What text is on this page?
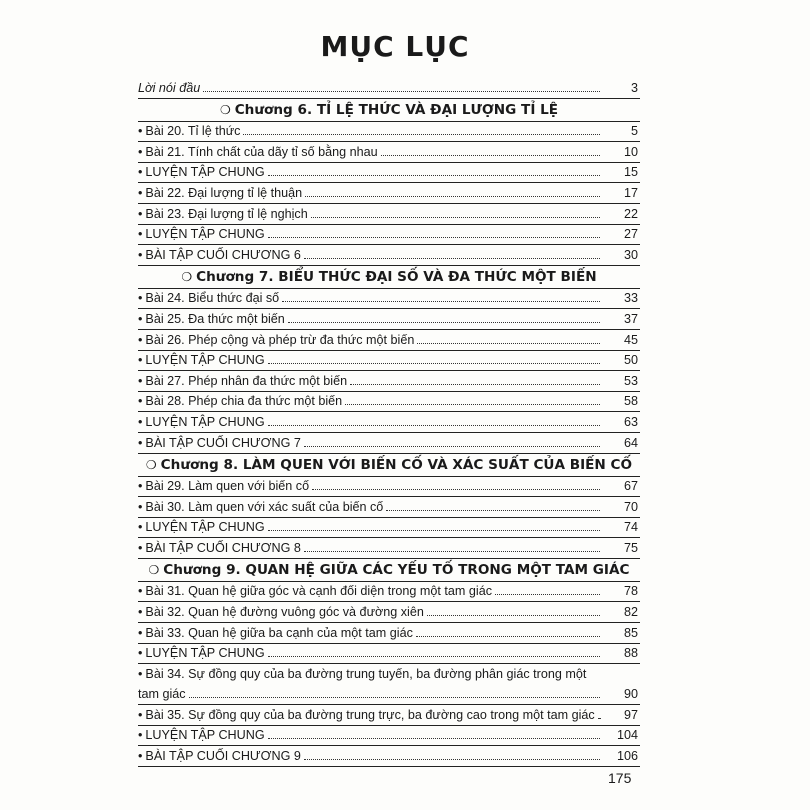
MỤC LỤC
Lời nói đầu	3
❍ Chương 6. TỈ LỆ THỨC VÀ ĐẠI LƯỢNG TỈ LỆ
• Bài 20. Tỉ lệ thức	5
• Bài 21. Tính chất của dãy tỉ số bằng nhau	10
• LUYỆN TẬP CHUNG	15
• Bài 22. Đại lượng tỉ lệ thuận	17
• Bài 23. Đại lượng tỉ lệ nghịch	22
• LUYỆN TẬP CHUNG	27
• BÀI TẬP CUỐI CHƯƠNG 6	30
❍ Chương 7. BIỂU THỨC ĐẠI SỐ VÀ ĐA THỨC MỘT BIẾN
• Bài 24. Biểu thức đại số	33
• Bài 25. Đa thức một biến	37
• Bài 26. Phép cộng và phép trừ đa thức một biến	45
• LUYỆN TẬP CHUNG	50
• Bài 27. Phép nhân đa thức một biến	53
• Bài 28. Phép chia đa thức một biến	58
• LUYỆN TẬP CHUNG	63
• BÀI TẬP CUỐI CHƯƠNG 7	64
❍ Chương 8. LÀM QUEN VỚI BIẾN CỐ VÀ XÁC SUẤT CỦA BIẾN CỐ
• Bài 29. Làm quen với biến cố	67
• Bài 30. Làm quen với xác suất của biến cố	70
• LUYỆN TẬP CHUNG	74
• BÀI TẬP CUỐI CHƯƠNG 8	75
❍ Chương 9. QUAN HỆ GIỮA CÁC YẾU TỐ TRONG MỘT TAM GIÁC
• Bài 31. Quan hệ giữa góc và cạnh đối diện trong một tam giác	78
• Bài 32. Quan hệ đường vuông góc và đường xiên	82
• Bài 33. Quan hệ giữa ba cạnh của một tam giác	85
• LUYỆN TẬP CHUNG	88
• Bài 34. Sự đồng quy của ba đường trung tuyến, ba đường phân giác trong một
tam giác	90
• Bài 35. Sự đồng quy của ba đường trung trực, ba đường cao trong một tam giác 97
• LUYỆN TẬP CHUNG	104
• BÀI TẬP CUỐI CHƯƠNG 9	106
175
